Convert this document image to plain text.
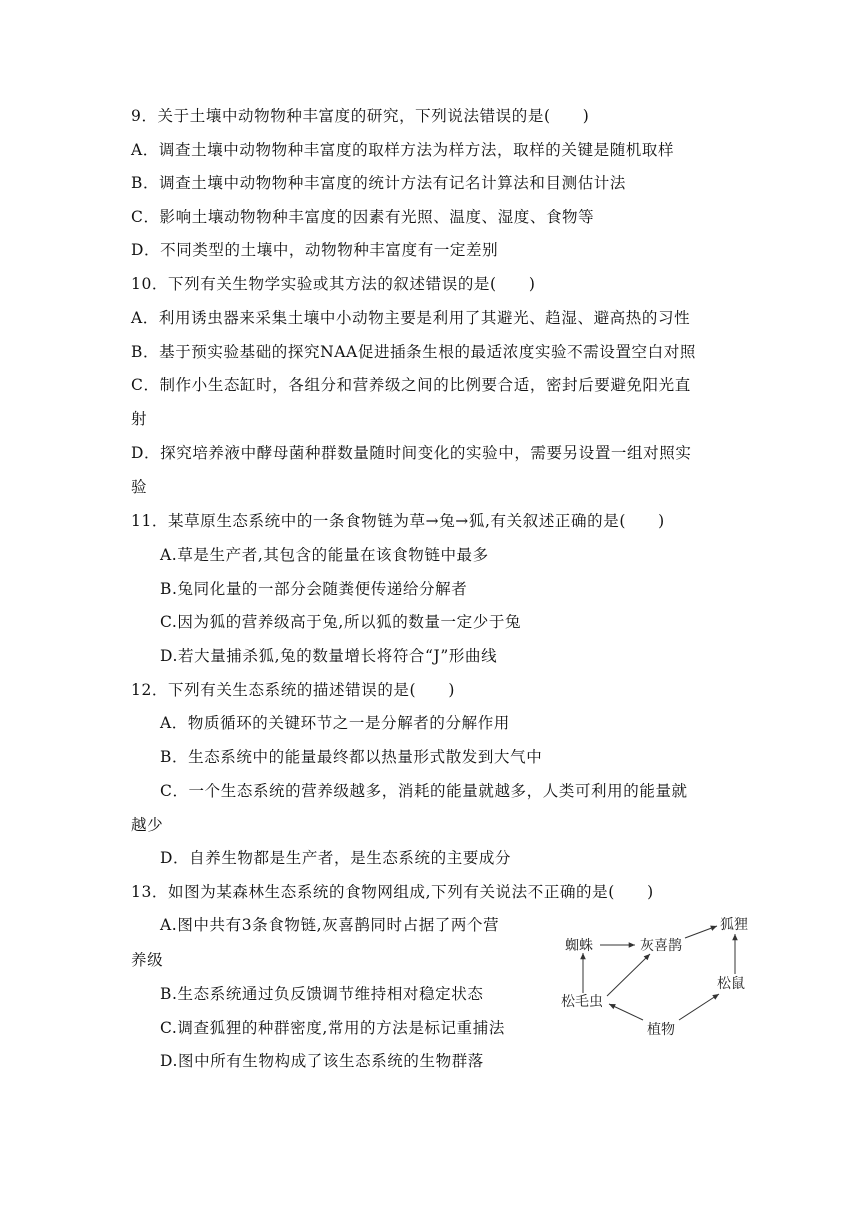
9．关于土壤中动物物种丰富度的研究，下列说法错误的是(　　)
A．调查土壤中动物物种丰富度的取样方法为样方法，取样的关键是随机取样
B．调查土壤中动物物种丰富度的统计方法有记名计算法和目测估计法
C．影响土壤动物物种丰富度的因素有光照、温度、湿度、食物等
D．不同类型的土壤中，动物物种丰富度有一定差别
10．下列有关生物学实验或其方法的叙述错误的是(　　)
A．利用诱虫器来采集土壤中小动物主要是利用了其避光、趋湿、避高热的习性
B．基于预实验基础的探究NAA促进插条生根的最适浓度实验不需设置空白对照
C．制作小生态缸时，各组分和营养级之间的比例要合适，密封后要避免阳光直
射
D．探究培养液中酵母菌种群数量随时间变化的实验中，需要另设置一组对照实
验
11．某草原生态系统中的一条食物链为草→兔→狐,有关叙述正确的是(　　)
A.草是生产者,其包含的能量在该食物链中最多
B.兔同化量的一部分会随粪便传递给分解者
C.因为狐的营养级高于兔,所以狐的数量一定少于兔
D.若大量捕杀狐,兔的数量增长将符合“J”形曲线
12．下列有关生态系统的描述错误的是(　　)
A．物质循环的关键环节之一是分解者的分解作用
B．生态系统中的能量最终都以热量形式散发到大气中
C．一个生态系统的营养级越多，消耗的能量就越多，人类可利用的能量就
越少
D．自养生物都是生产者，是生态系统的主要成分
13．如图为某森林生态系统的食物网组成,下列有关说法不正确的是(　　)
A.图中共有3条食物链,灰喜鹊同时占据了两个营
养级
B.生态系统通过负反馈调节维持相对稳定状态
C.调查狐狸的种群密度,常用的方法是标记重捕法
D.图中所有生物构成了该生态系统的生物群落
蜘蛛	灰喜鹊
狐狸
松鼠
松毛虫
植物
